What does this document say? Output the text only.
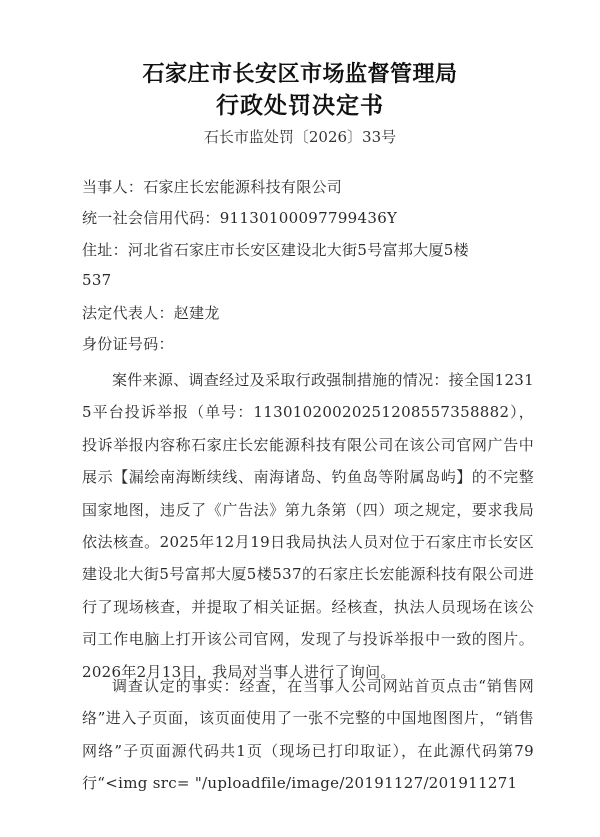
石家庄市长安区市场监督管理局
行政处罚决定书
石长市监处罚〔2026〕33号
当事人：石家庄长宏能源科技有限公司
统一社会信用代码：91130100097799436Y
住址：河北省石家庄市长安区建设北大街5号富邦大厦5楼
537
法定代表人：赵建龙
身份证号码：

案件来源、调查经过及采取行政强制措施的情况：接全国12315平台投诉举报（单号：11301020020251208557358882），投诉举报内容称石家庄长宏能源科技有限公司在该公司官网广告中展示【漏绘南海断续线、南海诸岛、钓鱼岛等附属岛屿】的不完整国家地图，违反了《广告法》第九条第（四）项之规定，要求我局依法核查。2025年12月19日我局执法人员对位于石家庄市长安区建设北大街5号富邦大厦5楼537的石家庄长宏能源科技有限公司进行了现场核查，并提取了相关证据。经核查，执法人员现场在该公司工作电脑上打开该公司官网，发现了与投诉举报中一致的图片。2026年2月13日，我局对当事人进行了询问。

调查认定的事实：经查，在当事人公司网站首页点击“销售网络”进入子页面，该页面使用了一张不完整的中国地图图片，“销售网络”子页面源代码共1页（现场已打印取证），在此源代码第79行“<img src= "/uploadfile/image/20191127/201911271
